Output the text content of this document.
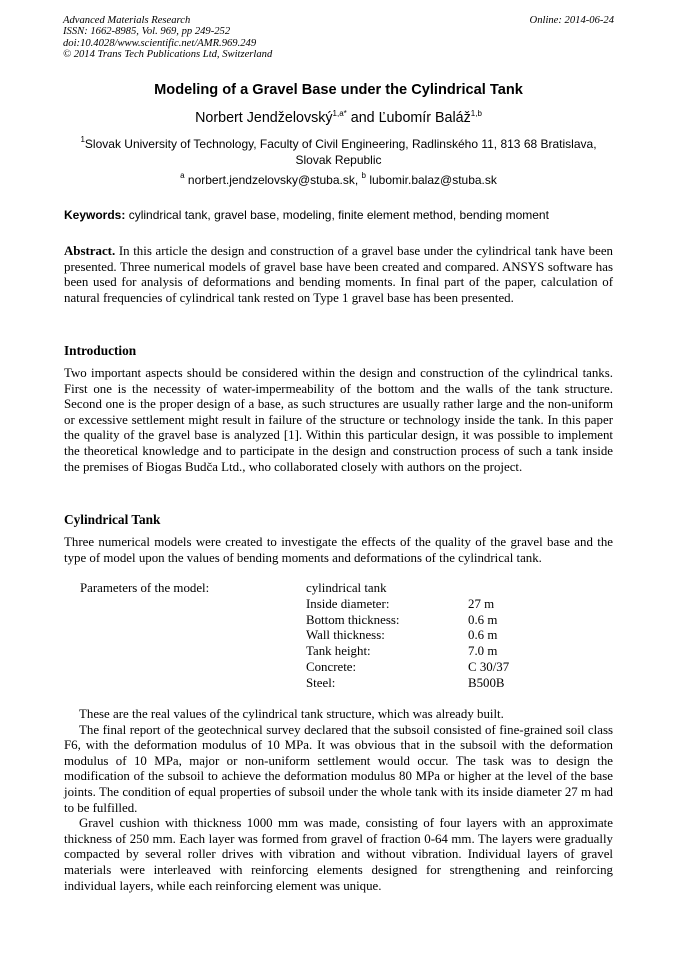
Advanced Materials Research
ISSN: 1662-8985, Vol. 969, pp 249-252
doi:10.4028/www.scientific.net/AMR.969.249
© 2014 Trans Tech Publications Ltd, Switzerland
Online: 2014-06-24
Modeling of a Gravel Base under the Cylindrical Tank
Norbert Jendželovský$^{1,a*}$ and Ľubomír Baláž$^{1,b}$
$^1$Slovak University of Technology, Faculty of Civil Engineering, Radlinského 11, 813 68 Bratislava,
Slovak Republic
$^a$ norbert.jendzelovsky@stuba.sk, $^b$ lubomir.balaz@stuba.sk
Keywords: cylindrical tank, gravel base, modeling, finite element method, bending moment

Abstract. In this article the design and construction of a gravel base under the cylindrical tank have been presented. Three numerical models of gravel base have been created and compared. ANSYS software has been used for analysis of deformations and bending moments. In final part of the paper, calculation of natural frequencies of cylindrical tank rested on Type 1 gravel base has been presented.

Introduction

Two important aspects should be considered within the design and construction of the cylindrical tanks. First one is the necessity of water-impermeability of the bottom and the walls of the tank structure. Second one is the proper design of a base, as such structures are usually rather large and the non-uniform or excessive settlement might result in failure of the structure or technology inside the tank. In this paper the quality of the gravel base is analyzed [1]. Within this particular design, it was possible to implement the theoretical knowledge and to participate in the design and construction process of such a tank inside the premises of Biogas Budča Ltd., who collaborated closely with authors on the project.

Cylindrical Tank

Three numerical models were created to investigate the effects of the quality of the gravel base and the type of model upon the values of bending moments and deformations of the cylindrical tank.

Parameters of the model:	cylindrical tank
Inside diameter:
Bottom thickness:
Wall thickness:
Tank height:
Concrete:
Steel:
27 m
0.6 m
0.6 m
7.0 m
C 30/37
B500B

These are the real values of the cylindrical tank structure, which was already built.

The final report of the geotechnical survey declared that the subsoil consisted of fine-grained soil class F6, with the deformation modulus of 10 MPa. It was obvious that in the subsoil with the deformation modulus of 10 MPa, major or non-uniform settlement would occur. The task was to design the modification of the subsoil to achieve the deformation modulus 80 MPa or higher at the level of the base joints. The condition of equal properties of subsoil under the whole tank with its inside diameter 27 m had to be fulfilled.

Gravel cushion with thickness 1000 mm was made, consisting of four layers with an approximate thickness of 250 mm. Each layer was formed from gravel of fraction 0-64 mm. The layers were gradually compacted by several roller drives with vibration and without vibration. Individual layers of gravel materials were interleaved with reinforcing elements designed for strengthening and reinforcing individual layers, while each reinforcing element was unique.
